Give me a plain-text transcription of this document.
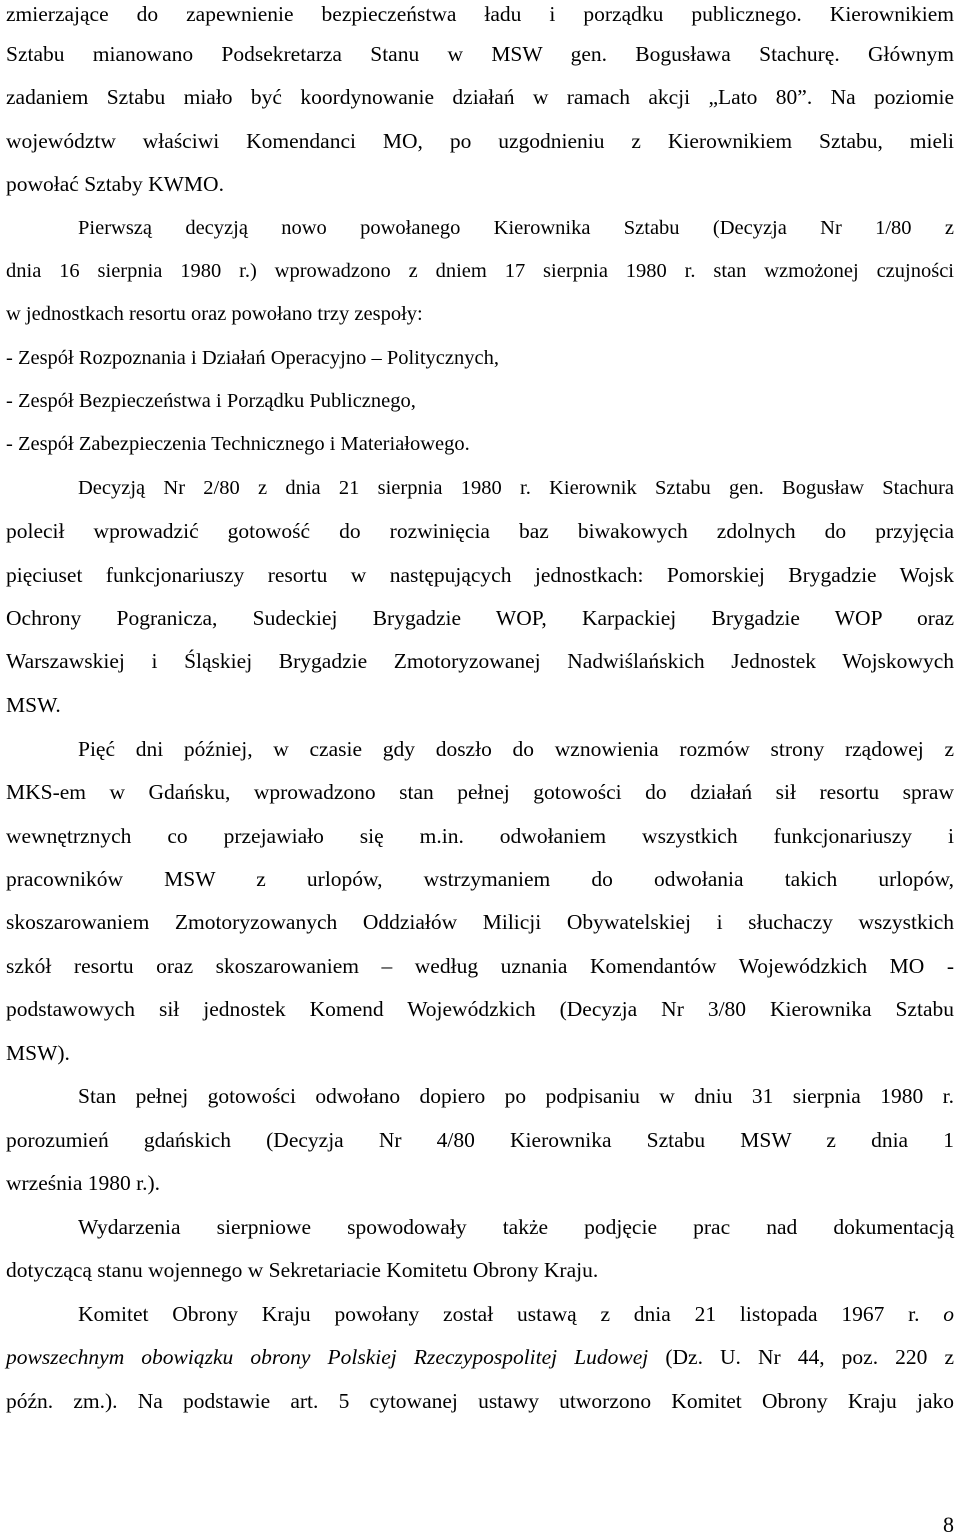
zmierzające do zapewnienie bezpieczeństwa ładu i porządku publicznego. Kierownikiem
Sztabu mianowano Podsekretarza Stanu w MSW gen. Bogusława Stachurę. Głównym
zadaniem Sztabu miało być koordynowanie działań w ramach akcji „Lato 80”. Na poziomie
województw właściwi Komendanci MO, po uzgodnieniu z Kierownikiem Sztabu, mieli
powołać Sztaby KWMO.
Pierwszą decyzją nowo powołanego Kierownika Sztabu (Decyzja Nr 1/80 z
dnia 16 sierpnia 1980 r.) wprowadzono z dniem 17 sierpnia 1980 r. stan wzmożonej czujności
w jednostkach resortu oraz powołano trzy zespoły:
- Zespół Rozpoznania i Działań Operacyjno – Politycznych,
- Zespół Bezpieczeństwa i Porządku Publicznego,
- Zespół Zabezpieczenia Technicznego i Materiałowego.
Decyzją Nr 2/80 z dnia 21 sierpnia 1980 r. Kierownik Sztabu gen. Bogusław Stachura
polecił wprowadzić gotowość do rozwinięcia baz biwakowych zdolnych do przyjęcia
pięciuset funkcjonariuszy resortu w następujących jednostkach: Pomorskiej Brygadzie Wojsk
Ochrony Pogranicza, Sudeckiej Brygadzie WOP, Karpackiej Brygadzie WOP oraz
Warszawskiej i Śląskiej Brygadzie Zmotoryzowanej Nadwiślańskich Jednostek Wojskowych
MSW.
Pięć dni później, w czasie gdy doszło do wznowienia rozmów strony rządowej z
MKS-em w Gdańsku, wprowadzono stan pełnej gotowości do działań sił resortu spraw
wewnętrznych co przejawiało się m.in. odwołaniem wszystkich funkcjonariuszy i
pracowników MSW z urlopów, wstrzymaniem do odwołania takich urlopów,
skoszarowaniem Zmotoryzowanych Oddziałów Milicji Obywatelskiej i słuchaczy wszystkich
szkół resortu oraz skoszarowaniem – według uznania Komendantów Wojewódzkich MO -
podstawowych sił jednostek Komend Wojewódzkich (Decyzja Nr 3/80 Kierownika Sztabu
MSW).
Stan pełnej gotowości odwołano dopiero po podpisaniu w dniu 31 sierpnia 1980 r.
porozumień gdańskich (Decyzja Nr 4/80 Kierownika Sztabu MSW z dnia 1
września 1980 r.).
Wydarzenia sierpniowe spowodowały także podjęcie prac nad dokumentacją
dotyczącą stanu wojennego w Sekretariacie Komitetu Obrony Kraju.
Komitet Obrony Kraju powołany został ustawą z dnia 21 listopada 1967 r. o
powszechnym obowiązku obrony Polskiej Rzeczypospolitej Ludowej (Dz. U. Nr 44, poz. 220 z
późn. zm.). Na podstawie art. 5 cytowanej ustawy utworzono Komitet Obrony Kraju jako
8
